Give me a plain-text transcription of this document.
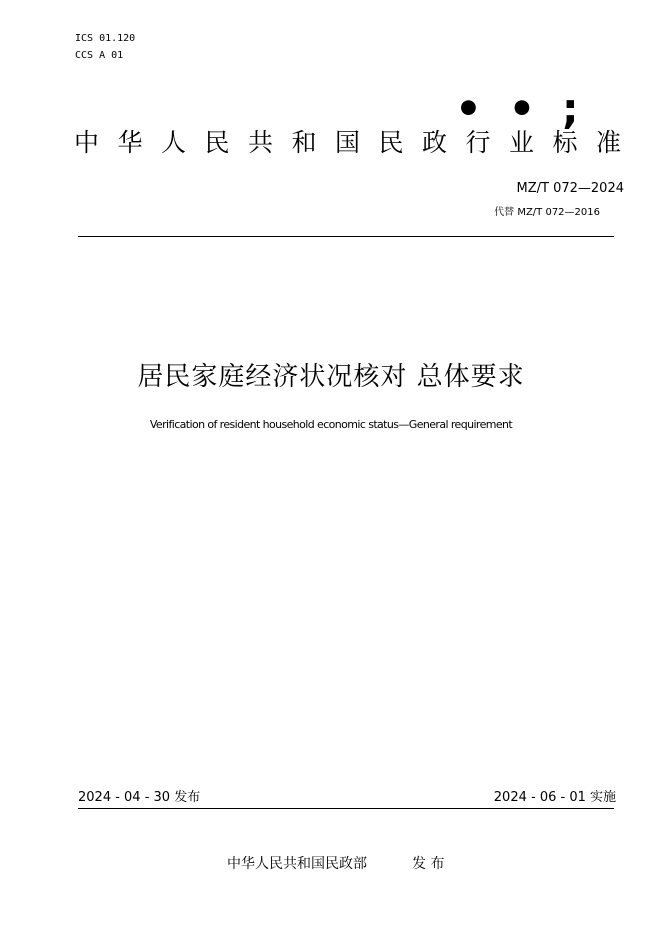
ICS 01.120
CCS A 01
• • ;
中华人民共和国民政行业标准
MZ/T 072—2024
代替 MZ/T 072—2016
居民家庭经济状况核对 总体要求
Verification of resident household economic status—General requirement
2024 - 04 - 30 发布	2024 - 06 - 01 实施
中华人民共和国民政部	发 布
